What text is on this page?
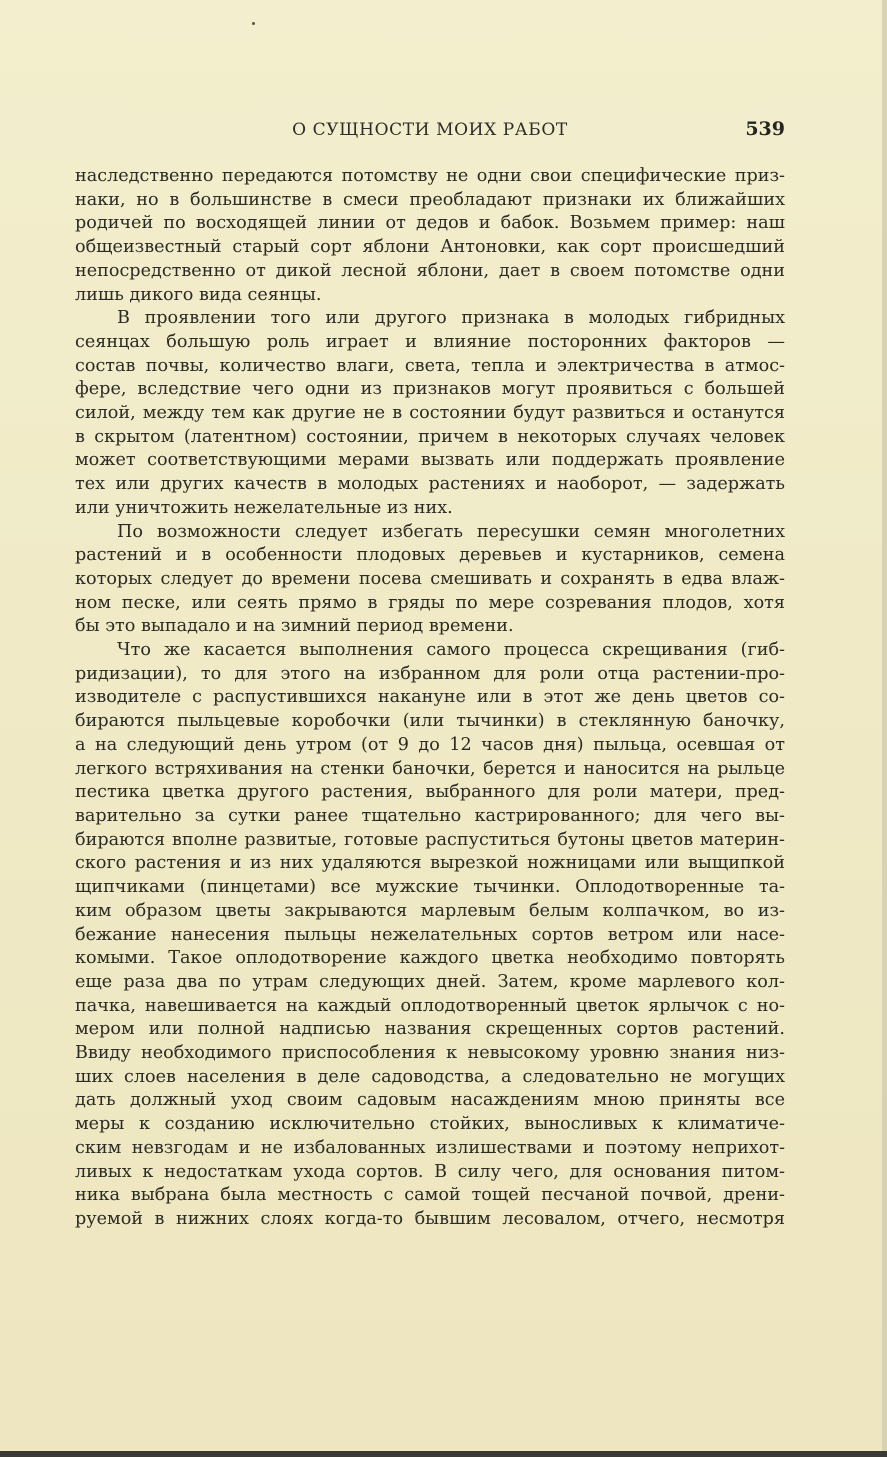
О СУЩНОСТИ МОИХ РАБОТ	539

наследственно передаются потомству не одни свои специфические приз-

наки, но в большинстве в смеси преобладают признаки их ближайших

родичей по восходящей линии от дедов и бабок. Возьмем пример: наш

общеизвестный старый сорт яблони Антоновки, как сорт происшедший

непосредственно от дикой лесной яблони, дает в своем потомстве одни

лишь дикого вида сеянцы.

В проявлении того или другого признака в молодых гибридных

сеянцах большую роль играет и влияние посторонних факторов —

состав почвы, количество влаги, света, тепла и электричества в атмос-

фере, вследствие чего одни из признаков могут проявиться с большей

силой, между тем как другие не в состоянии будут развиться и останутся

в скрытом (латентном) состоянии, причем в некоторых случаях человек

может соответствующими мерами вызвать или поддержать проявление

тех или других качеств в молодых растениях и наоборот, — задержать

или уничтожить нежелательные из них.

По возможности следует избегать пересушки семян многолетних

растений и в особенности плодовых деревьев и кустарников, семена

которых следует до времени посева смешивать и сохранять в едва влаж-

ном песке, или сеять прямо в гряды по мере созревания плодов, хотя

бы это выпадало и на зимний период времени.

Что же касается выполнения самого процесса скрещивания (гиб-

ридизации), то для этого на избранном для роли отца растении-про-

изводителе с распустившихся накануне или в этот же день цветов со-

бираются пыльцевые коробочки (или тычинки) в стеклянную баночку,

а на следующий день утром (от 9 до 12 часов дня) пыльца, осевшая от

легкого встряхивания на стенки баночки, берется и наносится на рыльце

пестика цветка другого растения, выбранного для роли матери, пред-

варительно за сутки ранее тщательно кастрированного; для чего вы-

бираются вполне развитые, готовые распуститься бутоны цветов материн-

ского растения и из них удаляются вырезкой ножницами или выщипкой

щипчиками (пинцетами) все мужские тычинки. Оплодотворенные та-

ким образом цветы закрываются марлевым белым колпачком, во из-

бежание нанесения пыльцы нежелательных сортов ветром или насе-

комыми. Такое оплодотворение каждого цветка необходимо повторять

еще раза два по утрам следующих дней. Затем, кроме марлевого кол-

пачка, навешивается на каждый оплодотворенный цветок ярлычок с но-

мером или полной надписью названия скрещенных сортов растений.

Ввиду необходимого приспособления к невысокому уровню знания низ-

ших слоев населения в деле садоводства, а следовательно не могущих

дать должный уход своим садовым насаждениям мною приняты все

меры к созданию исключительно стойких, выносливых к климатиче-

ским невзгодам и не избалованных излишествами и поэтому неприхот-

ливых к недостаткам ухода сортов. В силу чего, для основания питом-

ника выбрана была местность с самой тощей песчаной почвой, дрени-

руемой в нижних слоях когда-то бывшим лесовалом, отчего, несмотря
